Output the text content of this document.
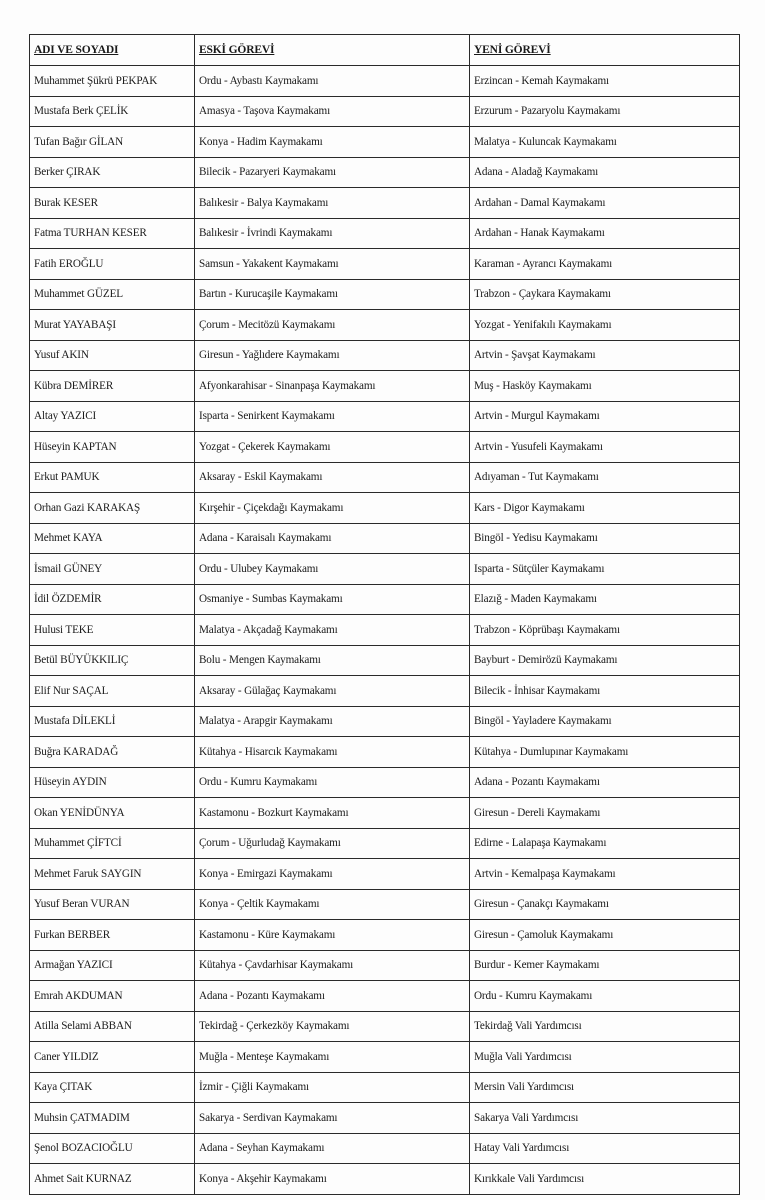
ADI VE SOYADI	ESKİ GÖREVİ	YENİ GÖREVİ
Muhammet Şükrü PEKPAK	Ordu - Aybastı Kaymakamı	Erzincan - Kemah Kaymakamı
Mustafa Berk ÇELİK	Amasya - Taşova Kaymakamı	Erzurum - Pazaryolu Kaymakamı
Tufan Bağır GİLAN	Konya - Hadim Kaymakamı	Malatya - Kuluncak Kaymakamı
Berker ÇIRAK	Bilecik - Pazaryeri Kaymakamı	Adana - Aladağ Kaymakamı
Burak KESER	Balıkesir - Balya Kaymakamı	Ardahan - Damal Kaymakamı
Fatma TURHAN KESER	Balıkesir - İvrindi Kaymakamı	Ardahan - Hanak Kaymakamı
Fatih EROĞLU	Samsun - Yakakent Kaymakamı	Karaman - Ayrancı Kaymakamı
Muhammet GÜZEL	Bartın - Kurucaşile Kaymakamı	Trabzon - Çaykara Kaymakamı
Murat YAYABAŞI	Çorum - Mecitözü Kaymakamı	Yozgat - Yenifakılı Kaymakamı
Yusuf AKIN	Giresun - Yağlıdere Kaymakamı	Artvin - Şavşat Kaymakamı
Kübra DEMİRER	Afyonkarahisar - Sinanpaşa Kaymakamı	Muş - Hasköy Kaymakamı
Altay YAZICI	Isparta - Senirkent Kaymakamı	Artvin - Murgul Kaymakamı
Hüseyin KAPTAN	Yozgat - Çekerek Kaymakamı	Artvin - Yusufeli Kaymakamı
Erkut PAMUK	Aksaray - Eskil Kaymakamı	Adıyaman - Tut Kaymakamı
Orhan Gazi KARAKAŞ	Kırşehir - Çiçekdağı Kaymakamı	Kars - Digor Kaymakamı
Mehmet KAYA	Adana - Karaisalı Kaymakamı	Bingöl - Yedisu Kaymakamı
İsmail GÜNEY	Ordu - Ulubey Kaymakamı	Isparta - Sütçüler Kaymakamı
İdil ÖZDEMİR	Osmaniye - Sumbas Kaymakamı	Elazığ - Maden Kaymakamı
Hulusi TEKE	Malatya - Akçadağ Kaymakamı	Trabzon - Köprübaşı Kaymakamı
Betül BÜYÜKKILIÇ	Bolu - Mengen Kaymakamı	Bayburt - Demirözü Kaymakamı
Elif Nur SAÇAL	Aksaray - Gülağaç Kaymakamı	Bilecik - İnhisar Kaymakamı
Mustafa DİLEKLİ	Malatya - Arapgir Kaymakamı	Bingöl - Yayladere Kaymakamı
Buğra KARADAĞ	Kütahya - Hisarcık Kaymakamı	Kütahya - Dumlupınar Kaymakamı
Hüseyin AYDIN	Ordu - Kumru Kaymakamı	Adana - Pozantı Kaymakamı
Okan YENİDÜNYA	Kastamonu - Bozkurt Kaymakamı	Giresun - Dereli Kaymakamı
Muhammet ÇİFTCİ	Çorum - Uğurludağ Kaymakamı	Edirne - Lalapaşa Kaymakamı
Mehmet Faruk SAYGIN	Konya - Emirgazi Kaymakamı	Artvin - Kemalpaşa Kaymakamı
Yusuf Beran VURAN	Konya - Çeltik Kaymakamı	Giresun - Çanakçı Kaymakamı
Furkan BERBER	Kastamonu - Küre Kaymakamı	Giresun - Çamoluk Kaymakamı
Armağan YAZICI	Kütahya - Çavdarhisar Kaymakamı	Burdur - Kemer Kaymakamı
Emrah AKDUMAN	Adana - Pozantı Kaymakamı	Ordu - Kumru Kaymakamı
Atilla Selami ABBAN	Tekirdağ - Çerkezköy Kaymakamı	Tekirdağ Vali Yardımcısı
Caner YILDIZ	Muğla - Menteşe Kaymakamı	Muğla Vali Yardımcısı
Kaya ÇITAK	İzmir - Çiğli Kaymakamı	Mersin Vali Yardımcısı
Muhsin ÇATMADIM	Sakarya - Serdivan Kaymakamı	Sakarya Vali Yardımcısı
Şenol BOZACIOĞLU	Adana - Seyhan Kaymakamı	Hatay Vali Yardımcısı
Ahmet Sait KURNAZ	Konya - Akşehir Kaymakamı	Kırıkkale Vali Yardımcısı
